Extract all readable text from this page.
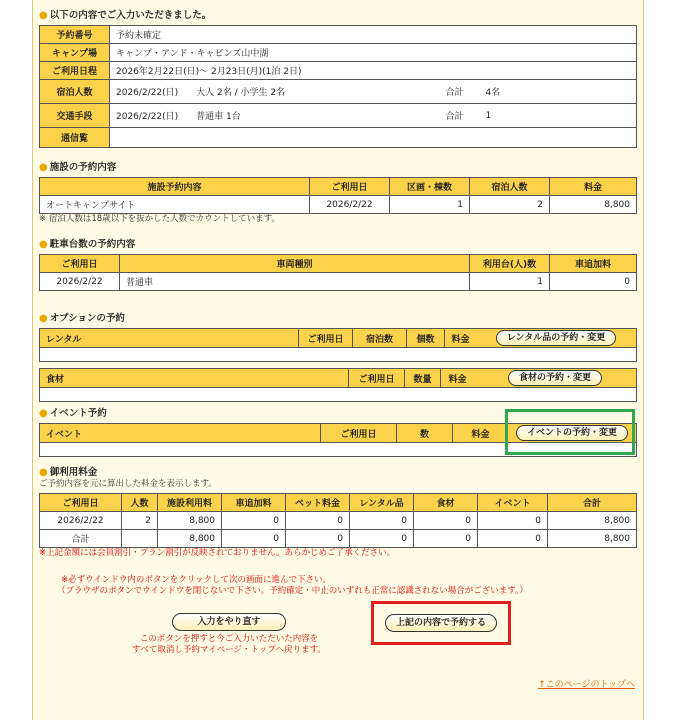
● 以下の内容でご入力いただきました。
予約番号	予約未確定		
キャンプ場	キャンプ・アンド・キャビンズ山中湖		
ご利用日程	2026年2月22日(日)～ 2月23日(月)(1泊 2日)		
宿泊人数	2026/2/22(日)　　大人 2名 / 小学生 2名	合計	4名
交通手段	2026/2/22(日)　　普通車 1台	合計	1
通信覧			
● 施設の予約内容
施設予約内容	ご利用日	区画・棟数	宿泊人数	料金
オートキャンプサイト	2026/2/22	1	2	8,800
※ 宿泊人数は18歳以下を抜かした人数でカウントしています。
● 駐車台数の予約内容
ご利用日	車両種別	利用台(人)数	車追加料
2026/2/22	普通車	1	0
● オプションの予約
レンタル	ご利用日	宿泊数	個数	料金	レンタル品の予約・変更
食材	ご利用日	数量	料金	食材の予約・変更
● イベント予約
イベント	ご利用日	数	料金	イベントの予約・変更
● 御利用料金
ご予約内容を元に算出した料金を表示します。
ご利用日	人数	施設利用料	車追加料	ペット料金	レンタル品	食材	イベント	合計
2026/2/22	2	8,800	0	0	0	0	0	8,800
合計		8,800	0	0	0	0	0	8,800
※上記金額には会員割引・プラン割引が反映されておりません。あらかじめご了承ください。
※必ずウインドウ内のボタンをクリックして次の画面に進んで下さい。
（ブラウザのボタンでウインドウを閉じないで下さい。予約確定・中止のいずれも正常に認識されない場合がございます。）
入力をやり直す
このボタンを押すと今ご入力いただいた内容を
すべて取消し予約マイページ・トップへ戻ります。
上記の内容で予約する
↑このページのトップへ
